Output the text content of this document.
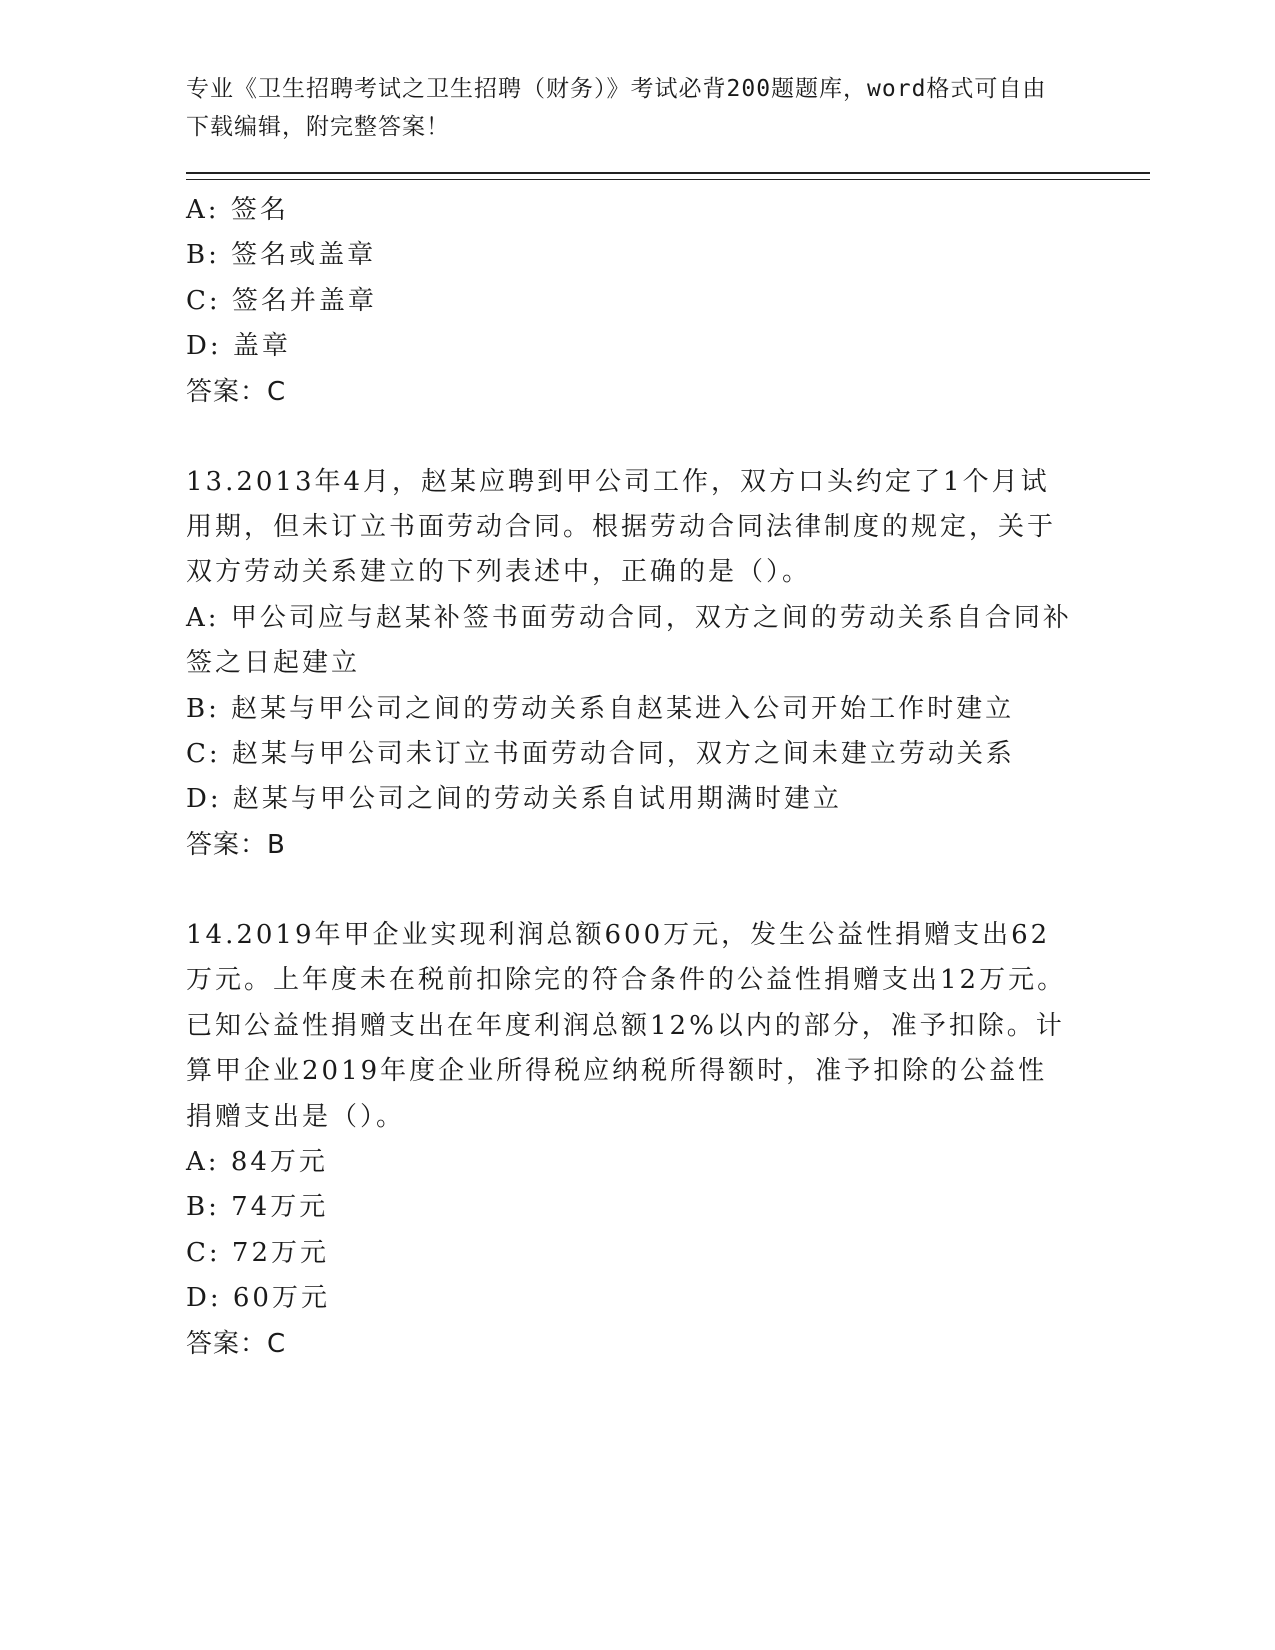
专业《卫生招聘考试之卫生招聘（财务）》考试必背200题题库，word格式可自由下载编辑，附完整答案！
A: 签名
B: 签名或盖章
C: 签名并盖章
D: 盖章
答案：C
13.2013年4月，赵某应聘到甲公司工作，双方口头约定了1个月试用期，但未订立书面劳动合同。根据劳动合同法律制度的规定，关于双方劳动关系建立的下列表述中，正确的是（）。
A: 甲公司应与赵某补签书面劳动合同，双方之间的劳动关系自合同补签之日起建立
B: 赵某与甲公司之间的劳动关系自赵某进入公司开始工作时建立
C: 赵某与甲公司未订立书面劳动合同，双方之间未建立劳动关系
D: 赵某与甲公司之间的劳动关系自试用期满时建立
答案：B
14.2019年甲企业实现利润总额600万元，发生公益性捐赠支出62万元。上年度未在税前扣除完的符合条件的公益性捐赠支出12万元。已知公益性捐赠支出在年度利润总额12%以内的部分，准予扣除。计算甲企业2019年度企业所得税应纳税所得额时，准予扣除的公益性捐赠支出是（）。
A: 84万元
B: 74万元
C: 72万元
D: 60万元
答案：C
